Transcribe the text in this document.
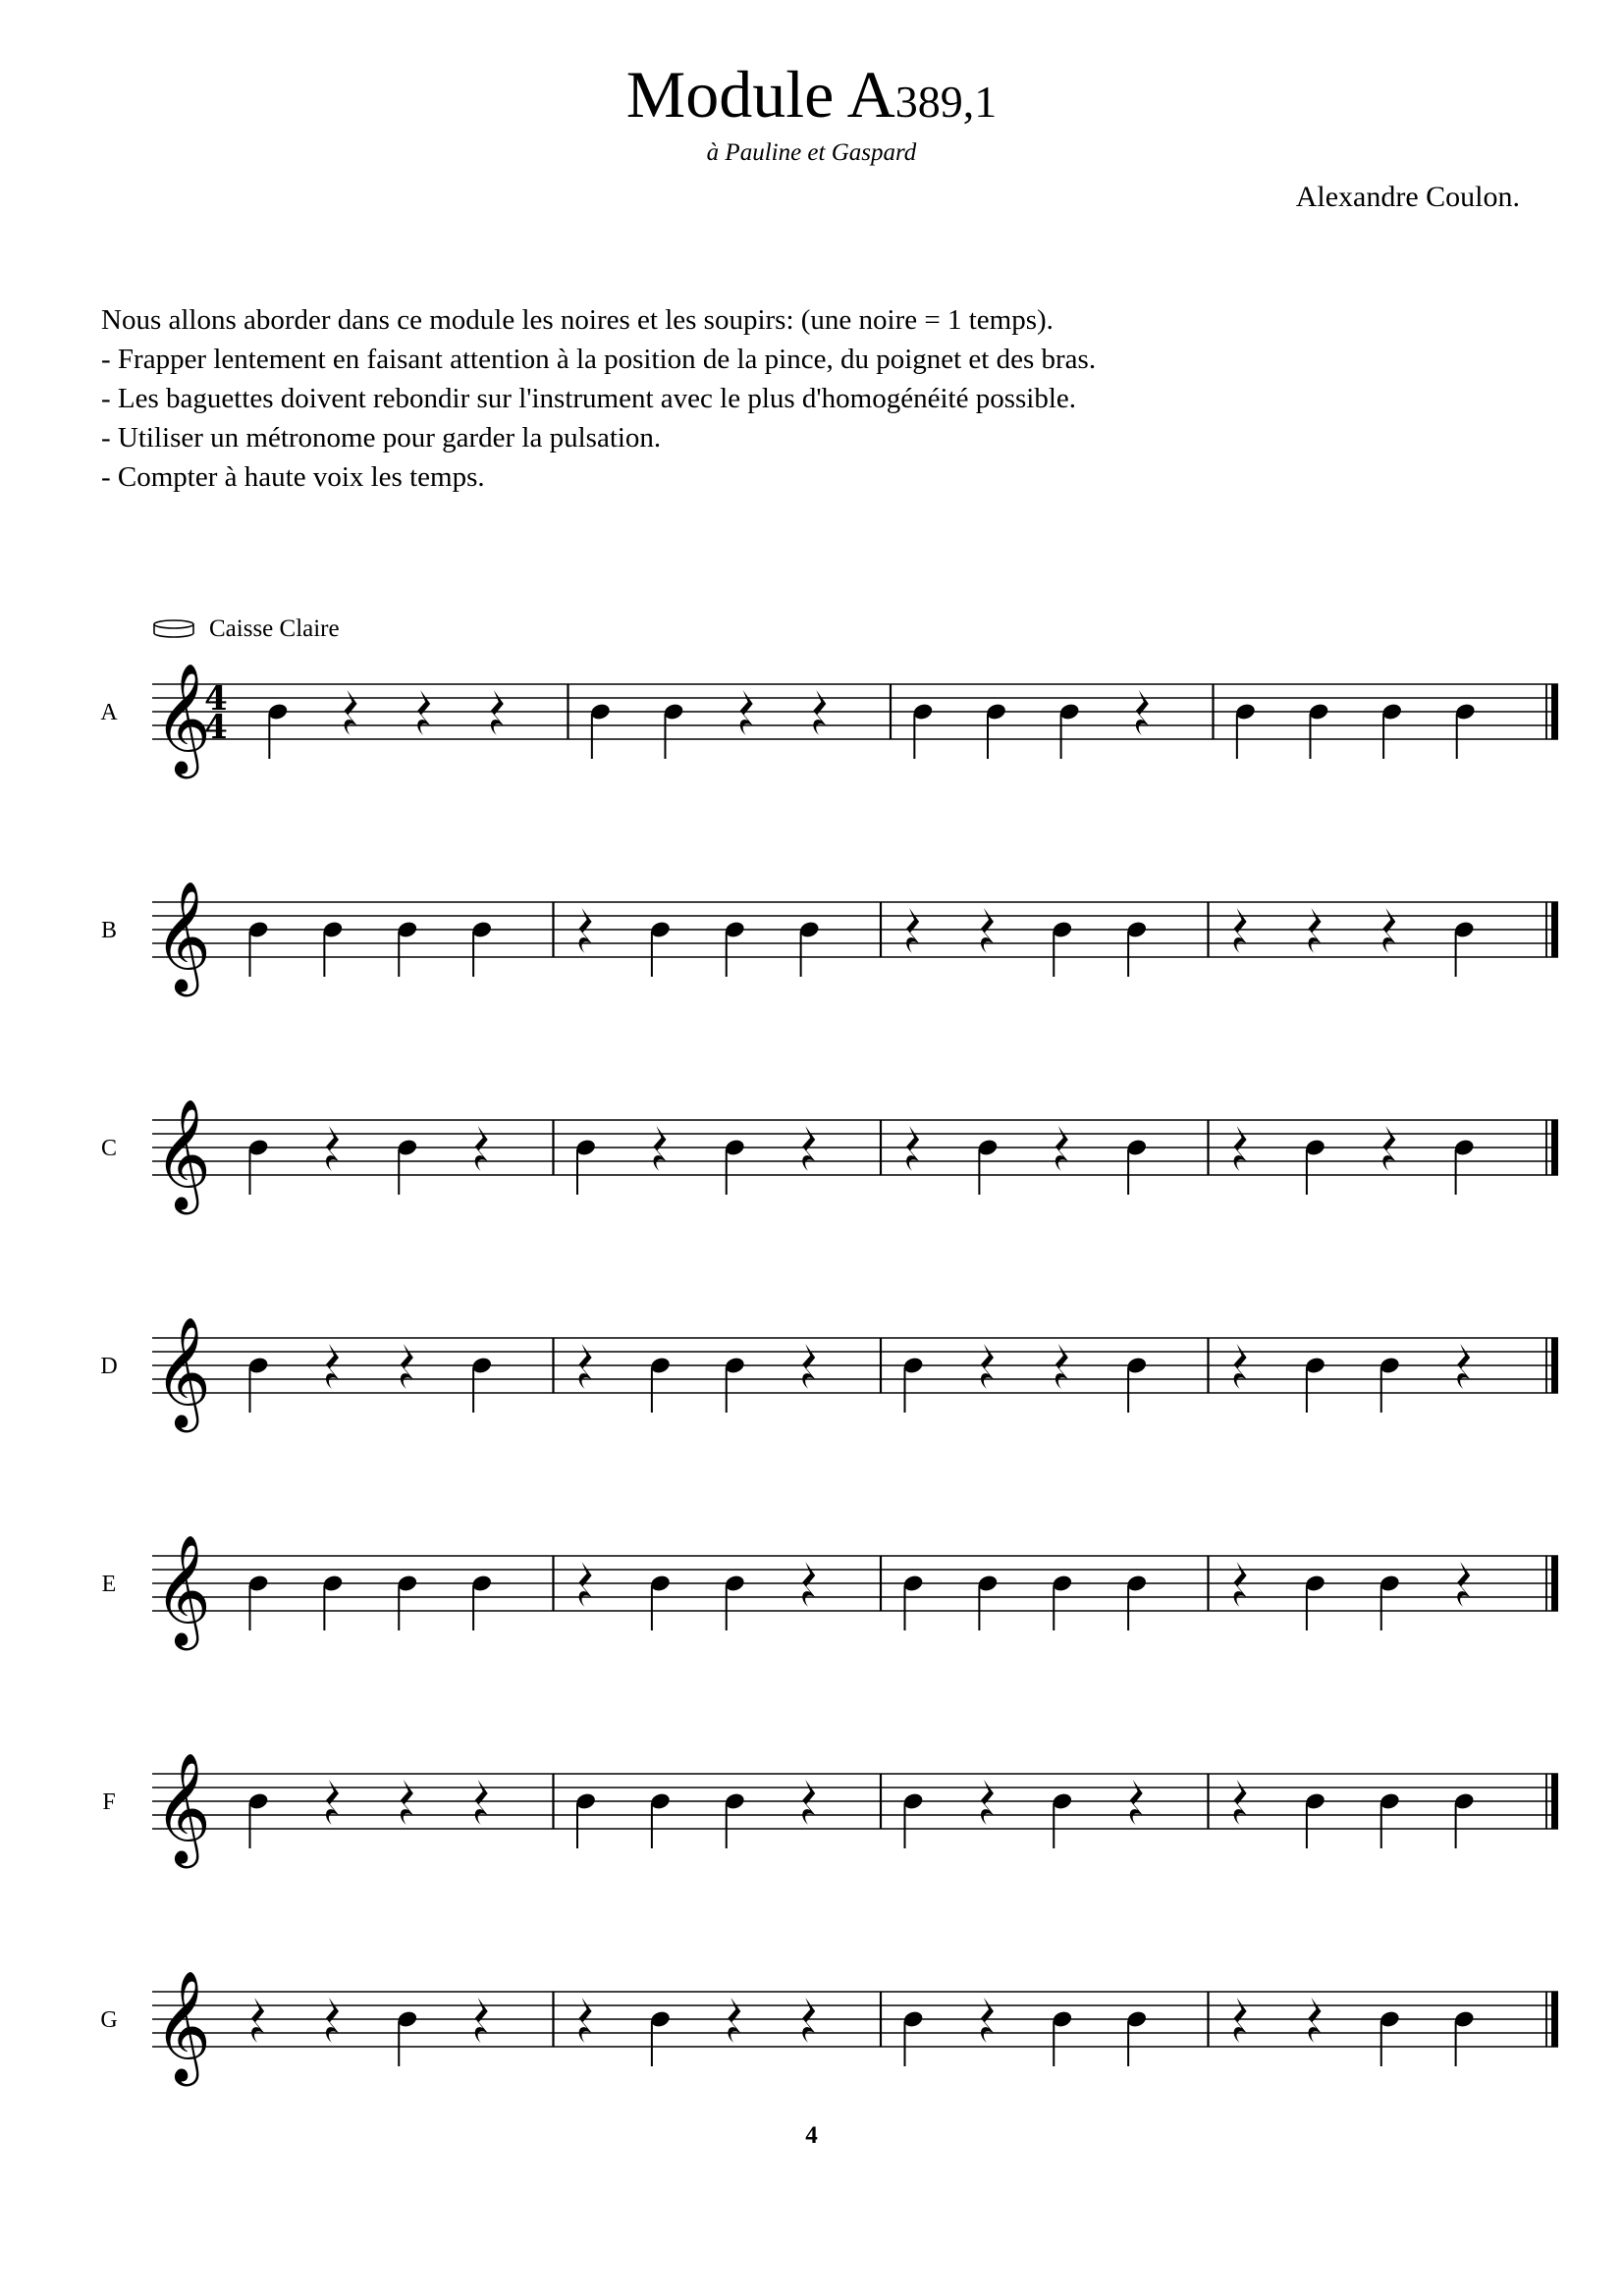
Module A389,1
à Pauline et Gaspard
Alexandre Coulon.
Nous allons aborder dans ce module les noires et les soupirs: (une noire = 1 temps).
- Frapper lentement en faisant attention à la position de la pince, du poignet et des bras.
- Les baguettes doivent rebondir sur l'instrument avec le plus d'homogénéité possible.
- Utiliser un métronome pour garder la pulsation.
- Compter à haute voix les temps.
Caisse Claire
A 𝄞
4
4
B 𝄞
C 𝄞
D 𝄞
E 𝄞
F 𝄞
G 𝄞
4
